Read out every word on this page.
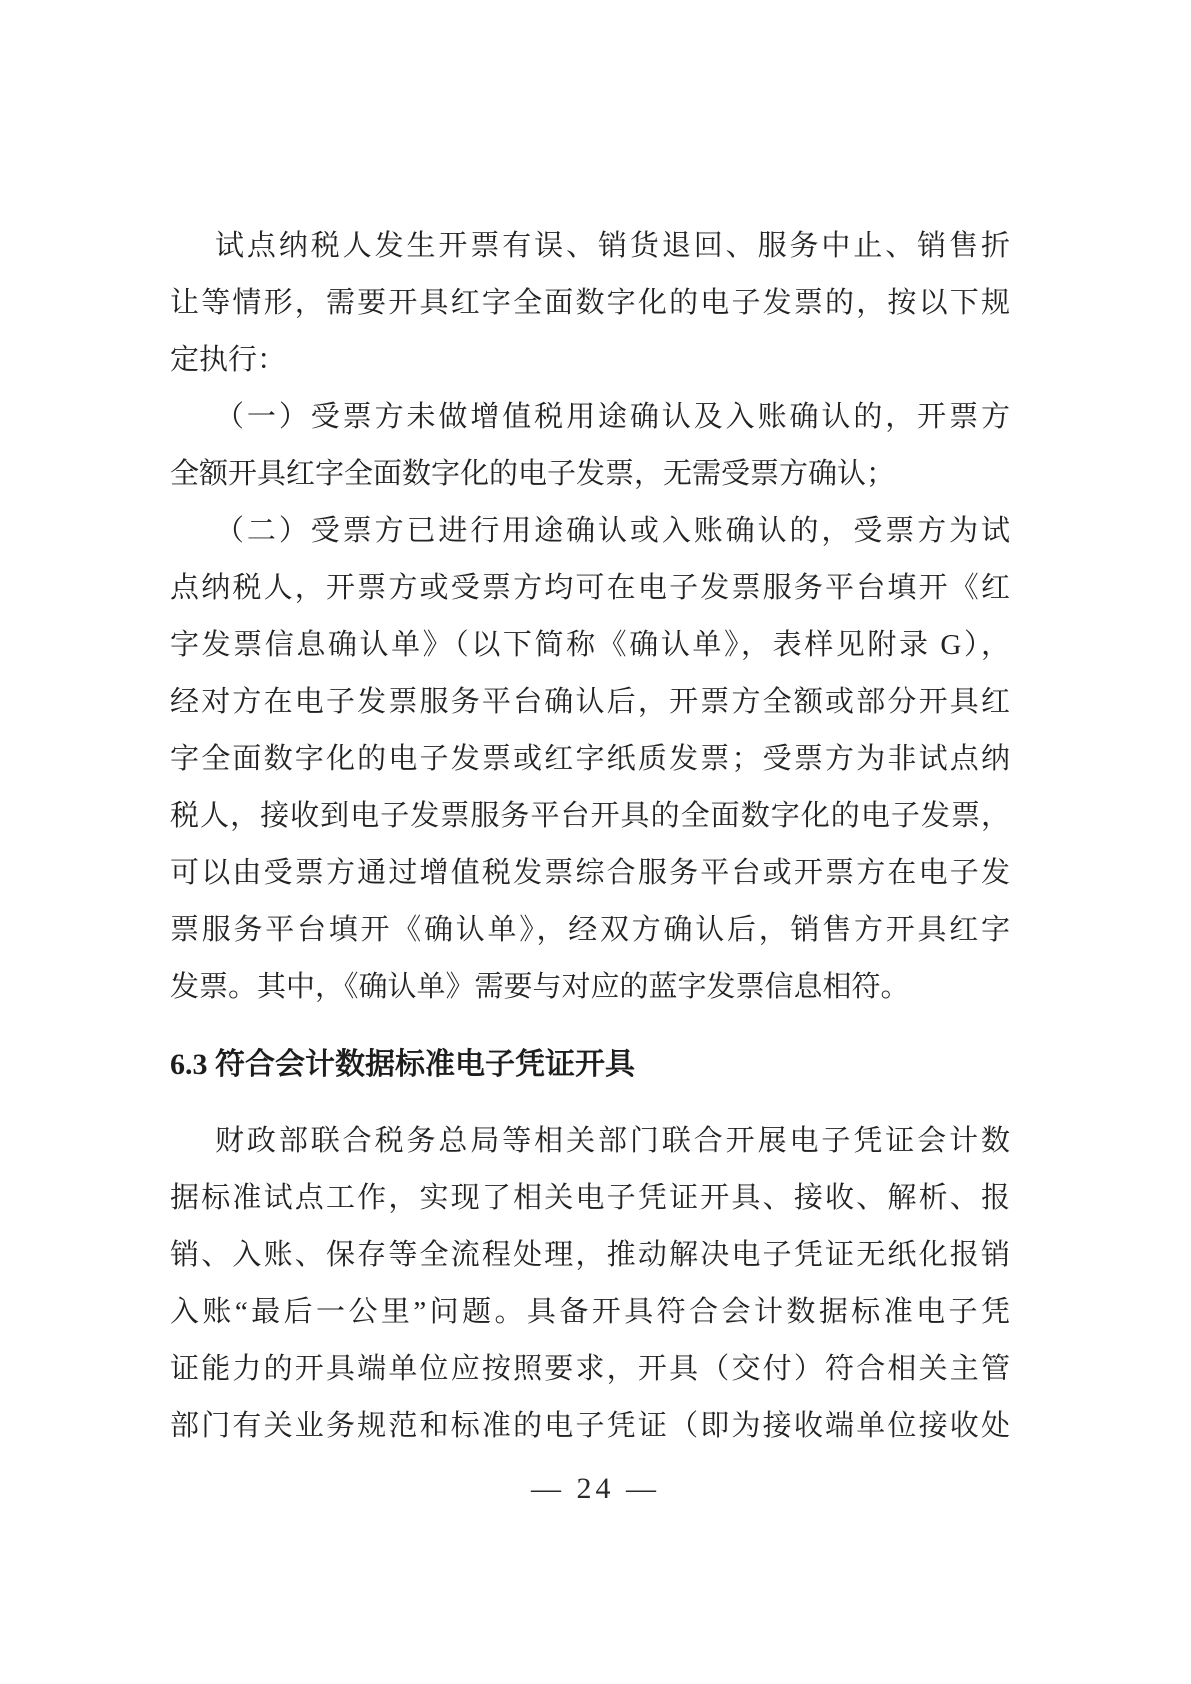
试点纳税人发生开票有误、销货退回、服务中止、销售折
让等情形，需要开具红字全面数字化的电子发票的，按以下规
定执行：
（一）受票方未做增值税用途确认及入账确认的，开票方
全额开具红字全面数字化的电子发票，无需受票方确认；
（二）受票方已进行用途确认或入账确认的，受票方为试
点纳税人，开票方或受票方均可在电子发票服务平台填开《红
字发票信息确认单》（以下简称《确认单》，表样见附录 G），
经对方在电子发票服务平台确认后，开票方全额或部分开具红
字全面数字化的电子发票或红字纸质发票；受票方为非试点纳
税人，接收到电子发票服务平台开具的全面数字化的电子发票，
可以由受票方通过增值税发票综合服务平台或开票方在电子发
票服务平台填开《确认单》，经双方确认后，销售方开具红字
发票。其中，《确认单》需要与对应的蓝字发票信息相符。
6.3 符合会计数据标准电子凭证开具
财政部联合税务总局等相关部门联合开展电子凭证会计数
据标准试点工作，实现了相关电子凭证开具、接收、解析、报
销、入账、保存等全流程处理，推动解决电子凭证无纸化报销
入账“最后一公里”问题。具备开具符合会计数据标准电子凭
证能力的开具端单位应按照要求，开具（交付）符合相关主管
部门有关业务规范和标准的电子凭证（即为接收端单位接收处
— 24 —
